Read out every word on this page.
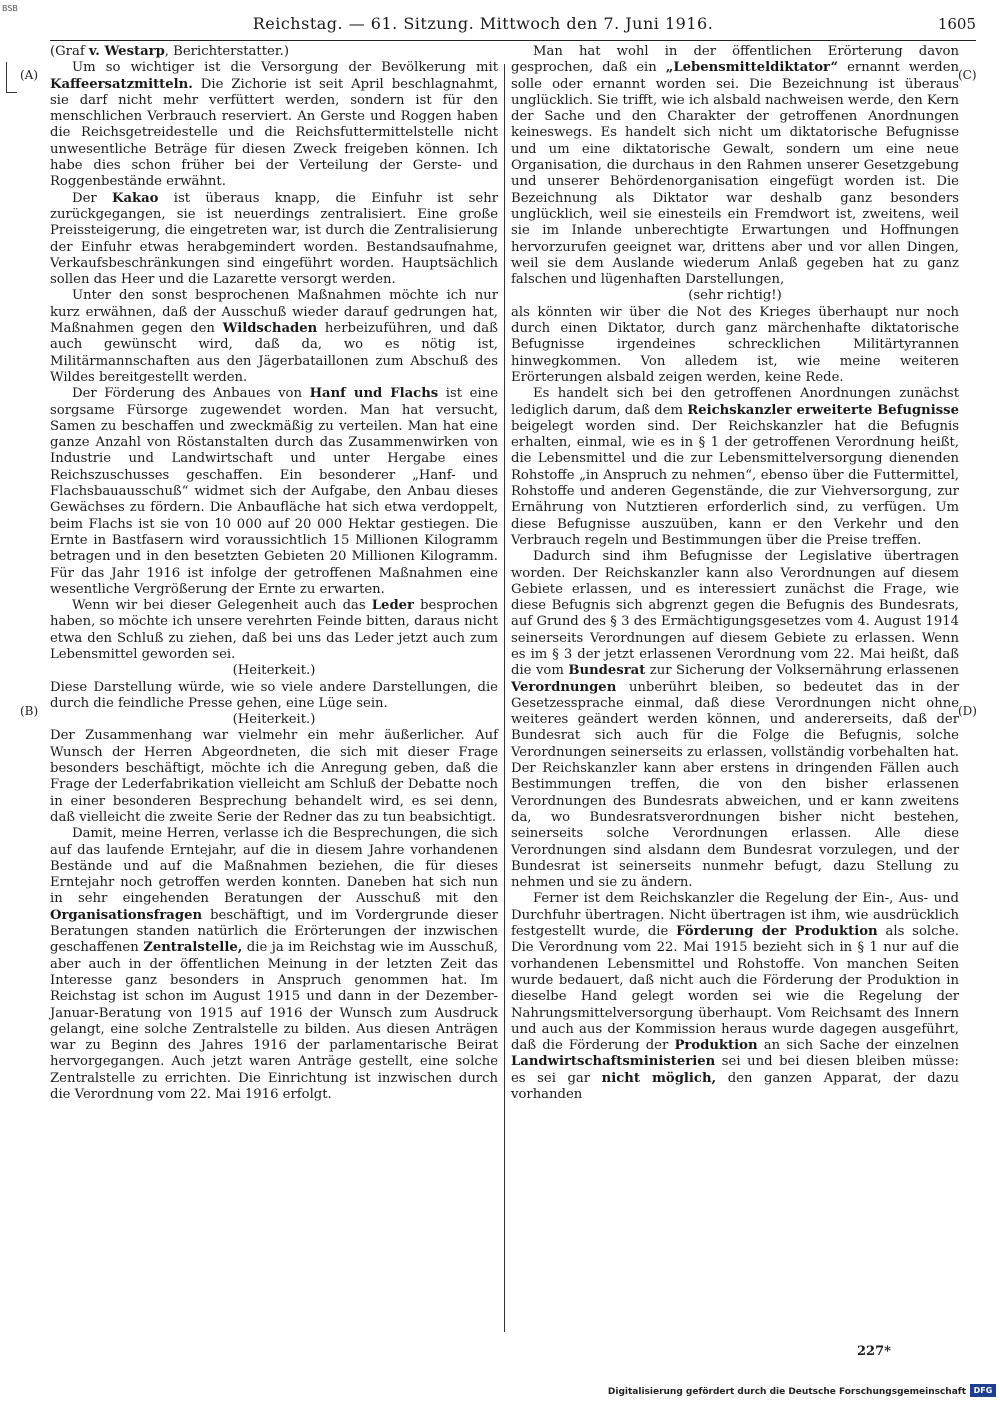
BSB
Reichstag. — 61. Sitzung. Mittwoch den 7. Juni 1916.	1605
(A)
(B)
(C)
(D)

(Graf v. Westarp, Berichterstatter.)

Um so wichtiger ist die Versorgung der Bevölkerung mit Kaffeersatzmitteln. Die Zichorie ist seit April beschlagnahmt, sie darf nicht mehr verfüttert werden, sondern ist für den menschlichen Verbrauch reserviert. An Gerste und Roggen haben die Reichsgetreidestelle und die Reichsfuttermittelstelle nicht unwesentliche Beträge für diesen Zweck freigeben können. Ich habe dies schon früher bei der Verteilung der Gerste- und Roggenbestände erwähnt.

Der Kakao ist überaus knapp, die Einfuhr ist sehr zurückgegangen, sie ist neuerdings zentralisiert. Eine große Preissteigerung, die eingetreten war, ist durch die Zentralisierung der Einfuhr etwas herabgemindert worden. Bestandsaufnahme, Verkaufsbeschränkungen sind eingeführt worden. Hauptsächlich sollen das Heer und die Lazarette versorgt werden.

Unter den sonst besprochenen Maßnahmen möchte ich nur kurz erwähnen, daß der Ausschuß wieder darauf gedrungen hat, Maßnahmen gegen den Wildschaden herbeizuführen, und daß auch gewünscht wird, daß da, wo es nötig ist, Militärmannschaften aus den Jägerbataillonen zum Abschuß des Wildes bereitgestellt werden.

Der Förderung des Anbaues von Hanf und Flachs ist eine sorgsame Fürsorge zugewendet worden. Man hat versucht, Samen zu beschaffen und zweckmäßig zu verteilen. Man hat eine ganze Anzahl von Röstanstalten durch das Zusammenwirken von Industrie und Landwirtschaft und unter Hergabe eines Reichszuschusses geschaffen. Ein besonderer „Hanf- und Flachsbauausschuß“ widmet sich der Aufgabe, den Anbau dieses Gewächses zu fördern. Die Anbaufläche hat sich etwa verdoppelt, beim Flachs ist sie von 10 000 auf 20 000 Hektar gestiegen. Die Ernte in Bastfasern wird voraussichtlich 15 Millionen Kilogramm betragen und in den besetzten Gebieten 20 Millionen Kilogramm. Für das Jahr 1916 ist infolge der getroffenen Maßnahmen eine wesentliche Vergrößerung der Ernte zu erwarten.

Wenn wir bei dieser Gelegenheit auch das Leder besprochen haben, so möchte ich unsere verehrten Feinde bitten, daraus nicht etwa den Schluß zu ziehen, daß bei uns das Leder jetzt auch zum Lebensmittel geworden sei.

(Heiterkeit.)

Diese Darstellung würde, wie so viele andere Darstellungen, die durch die feindliche Presse gehen, eine Lüge sein.

(Heiterkeit.)

Der Zusammenhang war vielmehr ein mehr äußerlicher. Auf Wunsch der Herren Abgeordneten, die sich mit dieser Frage besonders beschäftigt, möchte ich die Anregung geben, daß die Frage der Lederfabrikation vielleicht am Schluß der Debatte noch in einer besonderen Besprechung behandelt wird, es sei denn, daß vielleicht die zweite Serie der Redner das zu tun beabsichtigt.

Damit, meine Herren, verlasse ich die Besprechungen, die sich auf das laufende Erntejahr, auf die in diesem Jahre vorhandenen Bestände und auf die Maßnahmen beziehen, die für dieses Erntejahr noch getroffen werden konnten. Daneben hat sich nun in sehr eingehenden Beratungen der Ausschuß mit den Organisationsfragen beschäftigt, und im Vordergrunde dieser Beratungen standen natürlich die Erörterungen der inzwischen geschaffenen Zentralstelle, die ja im Reichstag wie im Ausschuß, aber auch in der öffentlichen Meinung in der letzten Zeit das Interesse ganz besonders in Anspruch genommen hat. Im Reichstag ist schon im August 1915 und dann in der Dezember-Januar-Beratung von 1915 auf 1916 der Wunsch zum Ausdruck gelangt, eine solche Zentralstelle zu bilden. Aus diesen Anträgen war zu Beginn des Jahres 1916 der parlamentarische Beirat hervorgegangen. Auch jetzt waren Anträge gestellt, eine solche Zentralstelle zu errichten. Die Einrichtung ist inzwischen durch die Verordnung vom 22. Mai 1916 erfolgt.

Man hat wohl in der öffentlichen Erörterung davon gesprochen, daß ein „Lebensmitteldiktator“ ernannt werden solle oder ernannt worden sei. Die Bezeichnung ist überaus unglücklich. Sie trifft, wie ich alsbald nachweisen werde, den Kern der Sache und den Charakter der getroffenen Anordnungen keineswegs. Es handelt sich nicht um diktatorische Befugnisse und um eine diktatorische Gewalt, sondern um eine neue Organisation, die durchaus in den Rahmen unserer Gesetzgebung und unserer Behördenorganisation eingefügt worden ist. Die Bezeichnung als Diktator war deshalb ganz besonders unglücklich, weil sie einesteils ein Fremdwort ist, zweitens, weil sie im Inlande unberechtigte Erwartungen und Hoffnungen hervorzurufen geeignet war, drittens aber und vor allen Dingen, weil sie dem Auslande wiederum Anlaß gegeben hat zu ganz falschen und lügenhaften Darstellungen,

(sehr richtig!)

als könnten wir über die Not des Krieges überhaupt nur noch durch einen Diktator, durch ganz märchenhafte diktatorische Befugnisse irgendeines schrecklichen Militärtyrannen hinwegkommen. Von alledem ist, wie meine weiteren Erörterungen alsbald zeigen werden, keine Rede.

Es handelt sich bei den getroffenen Anordnungen zunächst lediglich darum, daß dem Reichskanzler erweiterte Befugnisse beigelegt worden sind. Der Reichskanzler hat die Befugnis erhalten, einmal, wie es in § 1 der getroffenen Verordnung heißt, die Lebensmittel und die zur Lebensmittelversorgung dienenden Rohstoffe „in Anspruch zu nehmen“, ebenso über die Futtermittel, Rohstoffe und anderen Gegenstände, die zur Viehversorgung, zur Ernährung von Nutztieren erforderlich sind, zu verfügen. Um diese Befugnisse auszuüben, kann er den Verkehr und den Verbrauch regeln und Bestimmungen über die Preise treffen.

Dadurch sind ihm Befugnisse der Legislative übertragen worden. Der Reichskanzler kann also Verordnungen auf diesem Gebiete erlassen, und es interessiert zunächst die Frage, wie diese Befugnis sich abgrenzt gegen die Befugnis des Bundesrats, auf Grund des § 3 des Ermächtigungsgesetzes vom 4. August 1914 seinerseits Verordnungen auf diesem Gebiete zu erlassen. Wenn es im § 3 der jetzt erlassenen Verordnung vom 22. Mai heißt, daß die vom Bundesrat zur Sicherung der Volksernährung erlassenen Verordnungen unberührt bleiben, so bedeutet das in der Gesetzessprache einmal, daß diese Verordnungen nicht ohne weiteres geändert werden können, und andererseits, daß der Bundesrat sich auch für die Folge die Befugnis, solche Verordnungen seinerseits zu erlassen, vollständig vorbehalten hat. Der Reichskanzler kann aber erstens in dringenden Fällen auch Bestimmungen treffen, die von den bisher erlassenen Verordnungen des Bundesrats abweichen, und er kann zweitens da, wo Bundesratsverordnungen bisher nicht bestehen, seinerseits solche Verordnungen erlassen. Alle diese Verordnungen sind alsdann dem Bundesrat vorzulegen, und der Bundesrat ist seinerseits nunmehr befugt, dazu Stellung zu nehmen und sie zu ändern.

Ferner ist dem Reichskanzler die Regelung der Ein-, Aus- und Durchfuhr übertragen. Nicht übertragen ist ihm, wie ausdrücklich festgestellt wurde, die Förderung der Produktion als solche. Die Verordnung vom 22. Mai 1915 bezieht sich in § 1 nur auf die vorhandenen Lebensmittel und Rohstoffe. Von manchen Seiten wurde bedauert, daß nicht auch die Förderung der Produktion in dieselbe Hand gelegt worden sei wie die Regelung der Nahrungsmittelversorgung überhaupt. Vom Reichsamt des Innern und auch aus der Kommission heraus wurde dagegen ausgeführt, daß die Förderung der Produktion an sich Sache der einzelnen Landwirtschaftsministerien sei und bei diesen bleiben müsse: es sei gar nicht möglich, den ganzen Apparat, der dazu vorhanden

227*
Digitalisierung gefördert durch die Deutsche Forschungsgemeinschaft DFG
